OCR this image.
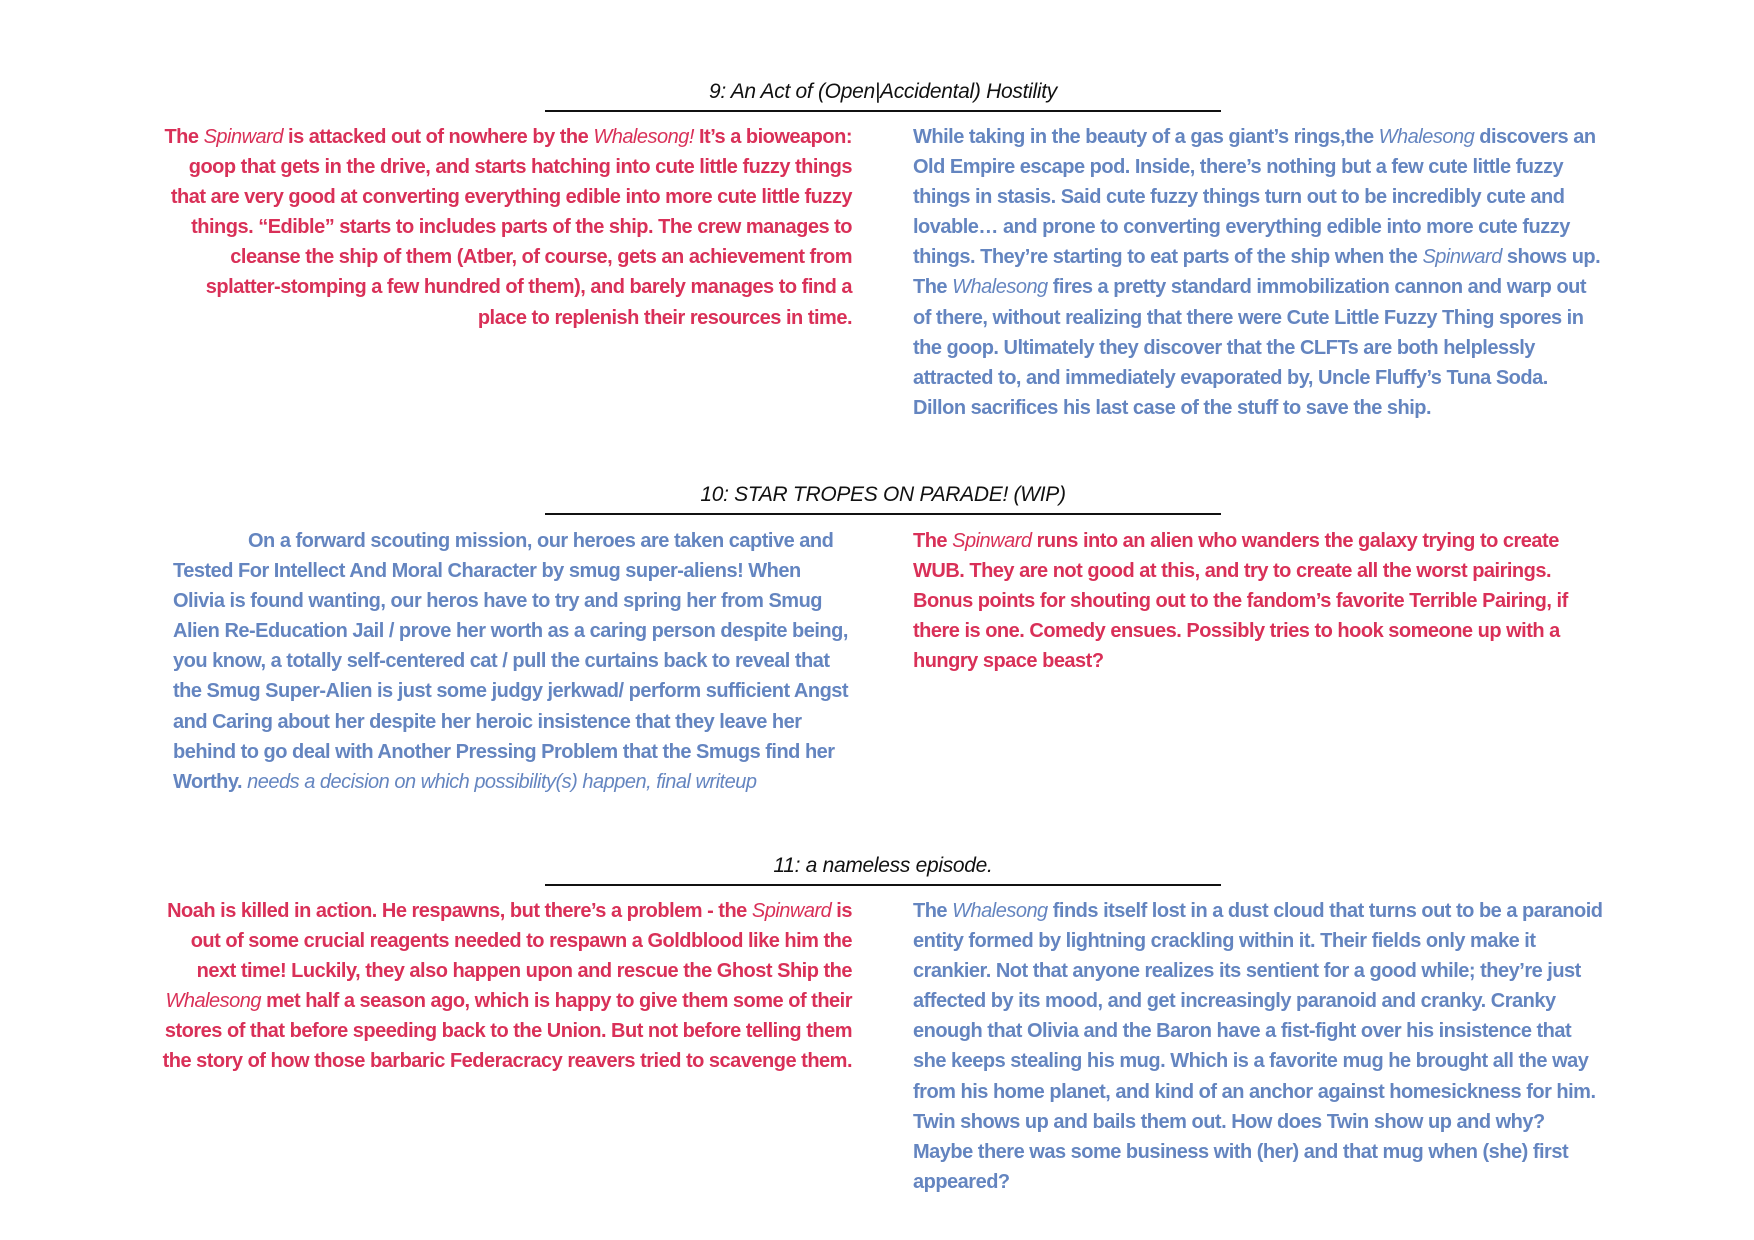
9: An Act of (Open|Accidental) Hostility

The Spinward is attacked out of nowhere by the Whalesong! It’s a bioweapon: goop that gets in the drive, and starts hatching into cute little fuzzy things that are very good at converting everything edible into more cute little fuzzy things. “Edible” starts to includes parts of the ship. The crew manages to cleanse the ship of them (Atber, of course, gets an achievement from splatter-stomping a few hundred of them), and barely manages to find a place to replenish their resources in time.

While taking in the beauty of a gas giant’s rings,the Whalesong discovers an Old Empire escape pod. Inside, there’s nothing but a few cute little fuzzy things in stasis. Said cute fuzzy things turn out to be incredibly cute and lovable… and prone to converting everything edible into more cute fuzzy things. They’re starting to eat parts of the ship when the Spinward shows up. The Whalesong fires a pretty standard immobilization cannon and warp out of there, without realizing that there were Cute Little Fuzzy Thing spores in the goop. Ultimately they discover that the CLFTs are both helplessly attracted to, and immediately evaporated by, Uncle Fluffy’s Tuna Soda. Dillon sacrifices his last case of the stuff to save the ship.

10: STAR TROPES ON PARADE! (WIP)

On a forward scouting mission, our heroes are taken captive and Tested For Intellect And Moral Character by smug super-aliens! When Olivia is found wanting, our heros have to try and spring her from Smug Alien Re-Education Jail / prove her worth as a caring person despite being, you know, a totally self-centered cat / pull the curtains back to reveal that the Smug Super-Alien is just some judgy jerkwad/ perform sufficient Angst and Caring about her despite her heroic insistence that they leave her behind to go deal with Another Pressing Problem that the Smugs find her Worthy. needs a decision on which possibility(s) happen, final writeup

The Spinward runs into an alien who wanders the galaxy trying to create WUB. They are not good at this, and try to create all the worst pairings. Bonus points for shouting out to the fandom’s favorite Terrible Pairing, if there is one. Comedy ensues. Possibly tries to hook someone up with a hungry space beast?

11: a nameless episode.

Noah is killed in action. He respawns, but there’s a problem - the Spinward is out of some crucial reagents needed to respawn a Goldblood like him the next time! Luckily, they also happen upon and rescue the Ghost Ship the Whalesong met half a season ago, which is happy to give them some of their stores of that before speeding back to the Union. But not before telling them the story of how those barbaric Federacracy reavers tried to scavenge them.

The Whalesong finds itself lost in a dust cloud that turns out to be a paranoid entity formed by lightning crackling within it. Their fields only make it crankier. Not that anyone realizes its sentient for a good while; they’re just affected by its mood, and get increasingly paranoid and cranky. Cranky enough that Olivia and the Baron have a fist-fight over his insistence that she keeps stealing his mug. Which is a favorite mug he brought all the way from his home planet, and kind of an anchor against homesickness for him. Twin shows up and bails them out. How does Twin show up and why? Maybe there was some business with (her) and that mug when (she) first appeared?
